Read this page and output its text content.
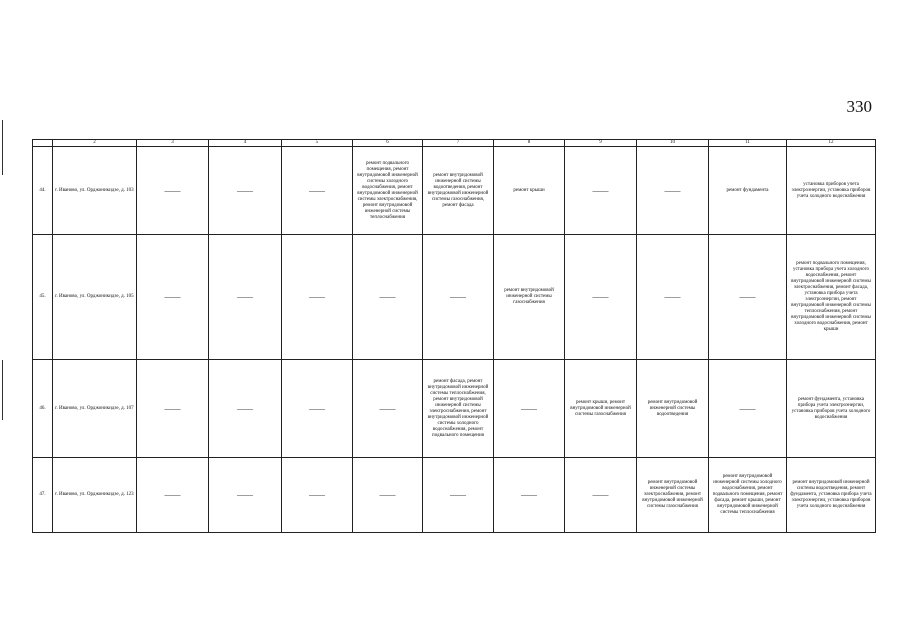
330
	2	3	4	5	6	7	8	9	10	11	12
44.	г. Иваново, ул. Орджоникидзе, д. 103	——	——	——	ремонт подвального помещения, ремонт внутридомовой инженерной системы холодного водоснабжения, ремонт внутридомовой инженерной системы электроснабжения, ремонт внутридомовой инженерной системы теплоснабжения	ремонт внутридомовой инженерной системы водоотведения, ремонт внутридомовой инженерной системы газоснабжения, ремонт фасада	ремонт крыши	——	——	ремонт фундамента	установка приборов учета электроэнергии, установка приборов учета холодного водоснабжения
45.	г. Иваново, ул. Орджоникидзе, д. 105	——	——	——	——	——	ремонт внутридомовой инженерной системы газоснабжения	——	——	——	ремонт подвального помещения, установка прибора учета холодного водоснабжения, ремонт внутридомовой инженерной системы электроснабжения, ремонт фасада, установка прибора учета электроэнергии, ремонт внутридомовой инженерной системы теплоснабжения, ремонт внутридомовой инженерной системы холодного водоснабжения, ремонт крыши
46.	г. Иваново, ул. Орджоникидзе, д. 107	——	——	——	——	ремонт фасада, ремонт внутридомовой инженерной системы теплоснабжения, ремонт внутридомовой инженерной системы электроснабжения, ремонт внутридомовой инженерной системы холодного водоснабжения, ремонт подвального помещения	——	ремонт крыши, ремонт внутридомовой инженерной системы газоснабжения	ремонт внутридомовой инженерной системы водоотведения	——	ремонт фундамента, установка прибора учета электроэнергии, установка приборов учета холодного водоснабжения
47.	г. Иваново, ул. Орджоникидзе, д. 123	——	——	——	——	——	——	——	ремонт внутридомовой инженерной системы электроснабжения, ремонт внутридомовой инженерной системы газоснабжения	ремонт внутридомовой инженерной системы холодного водоснабжения, ремонт подвального помещения, ремонт фасада, ремонт крыши, ремонт внутридомовой инженерной системы теплоснабжения	ремонт внутридомовой инженерной системы водоотведения, ремонт фундамента, установка прибора учета электроэнергии, установка приборов учета холодного водоснабжения
